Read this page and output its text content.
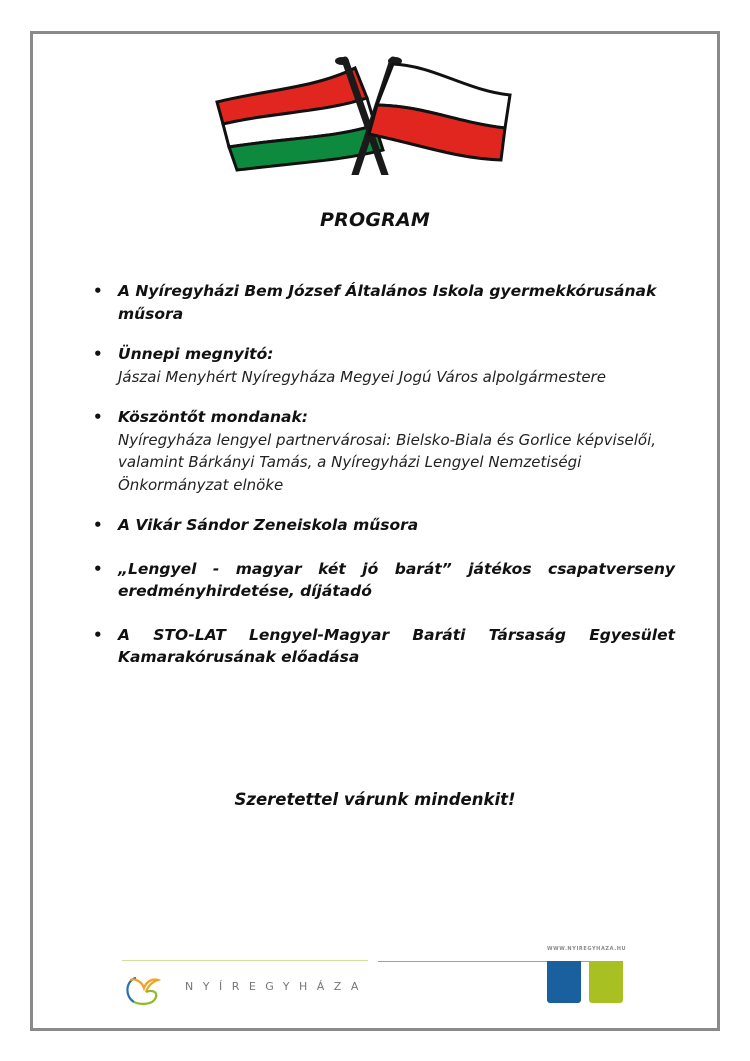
PROGRAM
• A Nyíregyházi Bem József Általános Iskola gyermekkórusának műsora
• Ünnepi megnyitó:
Jászai Menyhért Nyíregyháza Megyei Jogú Város alpolgármestere
• Köszöntőt mondanak:
Nyíregyháza lengyel partnervárosai: Bielsko-Biala és Gorlice képviselői, valamint Bárkányi Tamás, a Nyíregyházi Lengyel Nemzetiségi Önkormányzat elnöke
• A Vikár Sándor Zeneiskola műsora
• „Lengyel - magyar két jó barát” játékos csapatverseny eredményhirdetése, díjátadó
• A STO-LAT Lengyel-Magyar Baráti Társaság Egyesület Kamarakórusának előadása
Szeretettel várunk mindenkit!
NYÍREGYHÁZA
WWW.NYIREGYHAZA.HU
